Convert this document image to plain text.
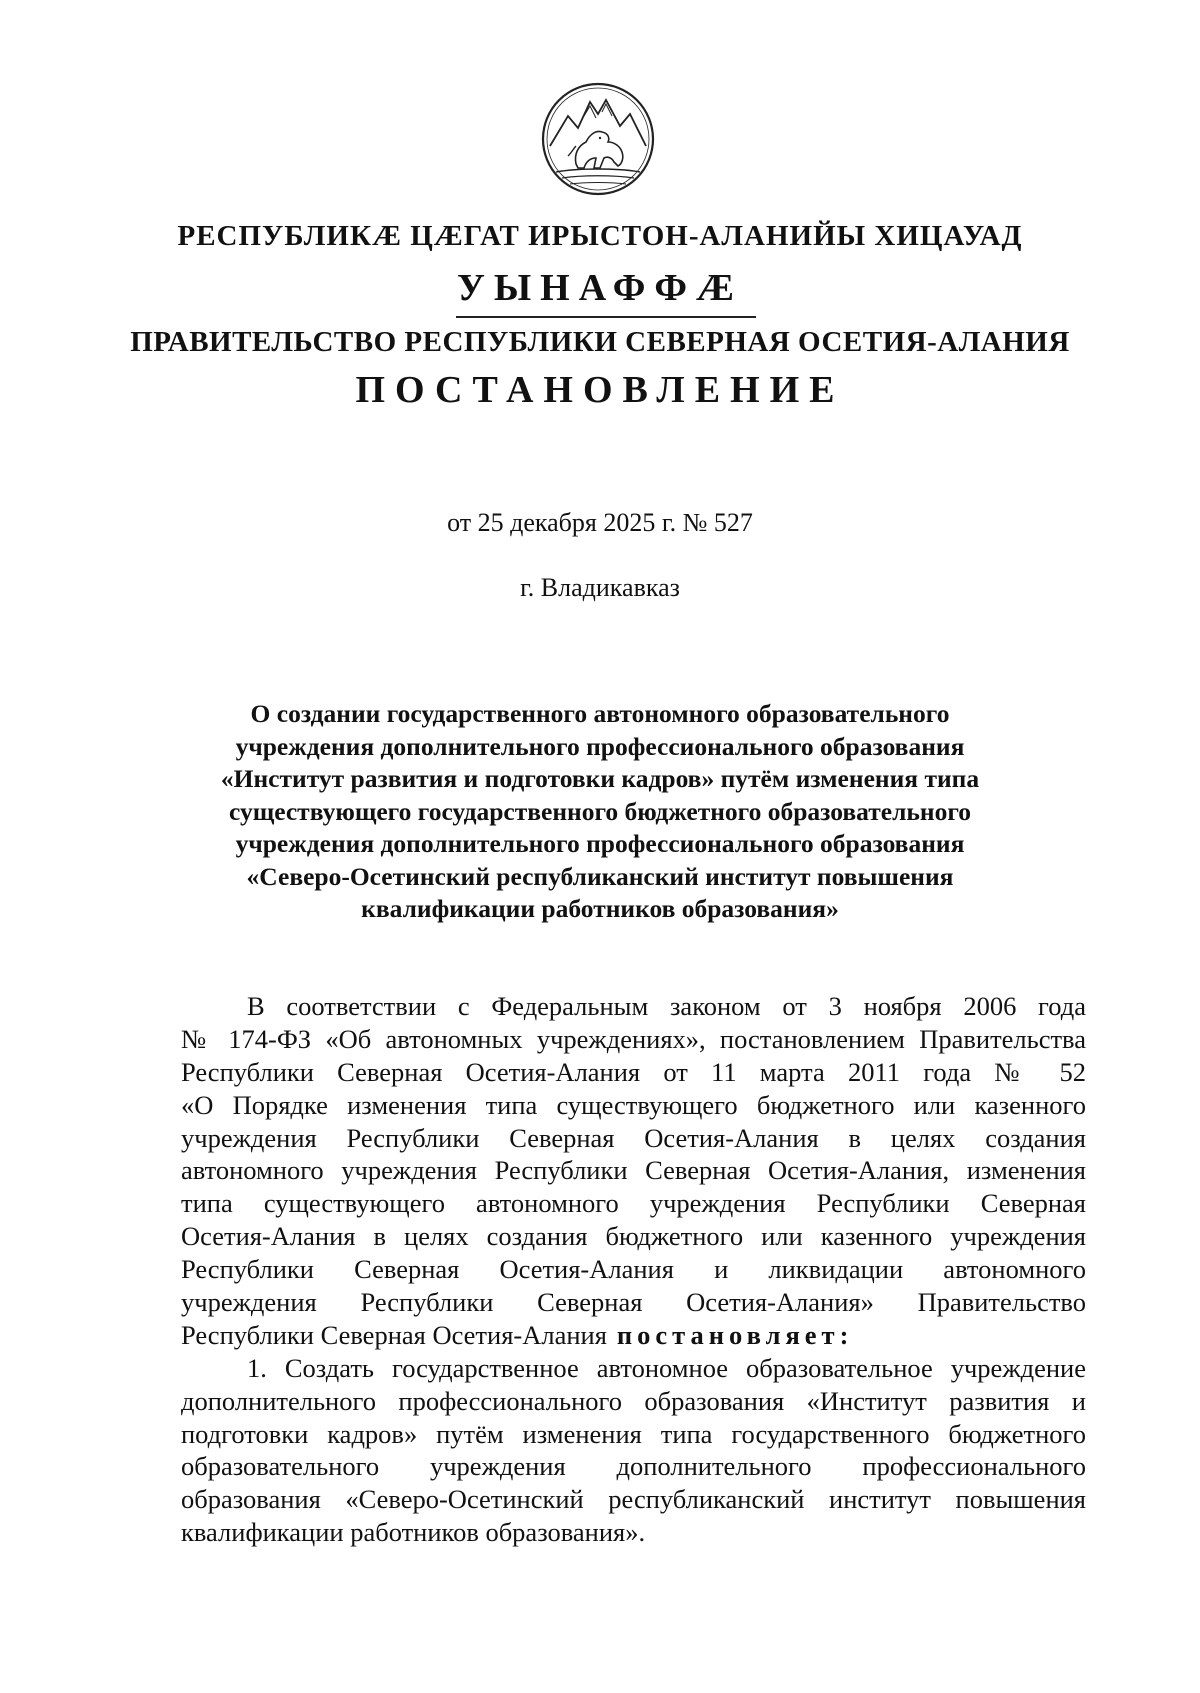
РЕСПУБЛИКÆ ЦÆГАТ ИРЫСТОН-АЛАНИЙЫ ХИЦАУАД
УЫНАФФÆ
ПРАВИТЕЛЬСТВО РЕСПУБЛИКИ СЕВЕРНАЯ ОСЕТИЯ-АЛАНИЯ
ПОСТАНОВЛЕНИЕ
от 25 декабря 2025 г. № 527
г. Владикавказ
О создании государственного автономного образовательного
учреждения дополнительного профессионального образования
«Институт развития и подготовки кадров» путём изменения типа
существующего государственного бюджетного образовательного
учреждения дополнительного профессионального образования
«Северо-Осетинский республиканский институт повышения
квалификации работников образования»
В соответствии с Федеральным законом от 3 ноября 2006 года
№ 174-ФЗ «Об автономных учреждениях», постановлением Правительства
Республики Северная Осетия-Алания от 11 марта 2011 года № 52
«О Порядке изменения типа существующего бюджетного или казенного
учреждения Республики Северная Осетия-Алания в целях создания
автономного учреждения Республики Северная Осетия-Алания, изменения
типа существующего автономного учреждения Республики Северная
Осетия-Алания в целях создания бюджетного или казенного учреждения
Республики Северная Осетия-Алания и ликвидации автономного
учреждения Республики Северная Осетия-Алания» Правительство
Республики Северная Осетия-Алания постановляет:
1. Создать государственное автономное образовательное учреждение
дополнительного профессионального образования «Институт развития и
подготовки кадров» путём изменения типа государственного бюджетного
образовательного учреждения дополнительного профессионального
образования «Северо-Осетинский республиканский институт повышения
квалификации работников образования».
